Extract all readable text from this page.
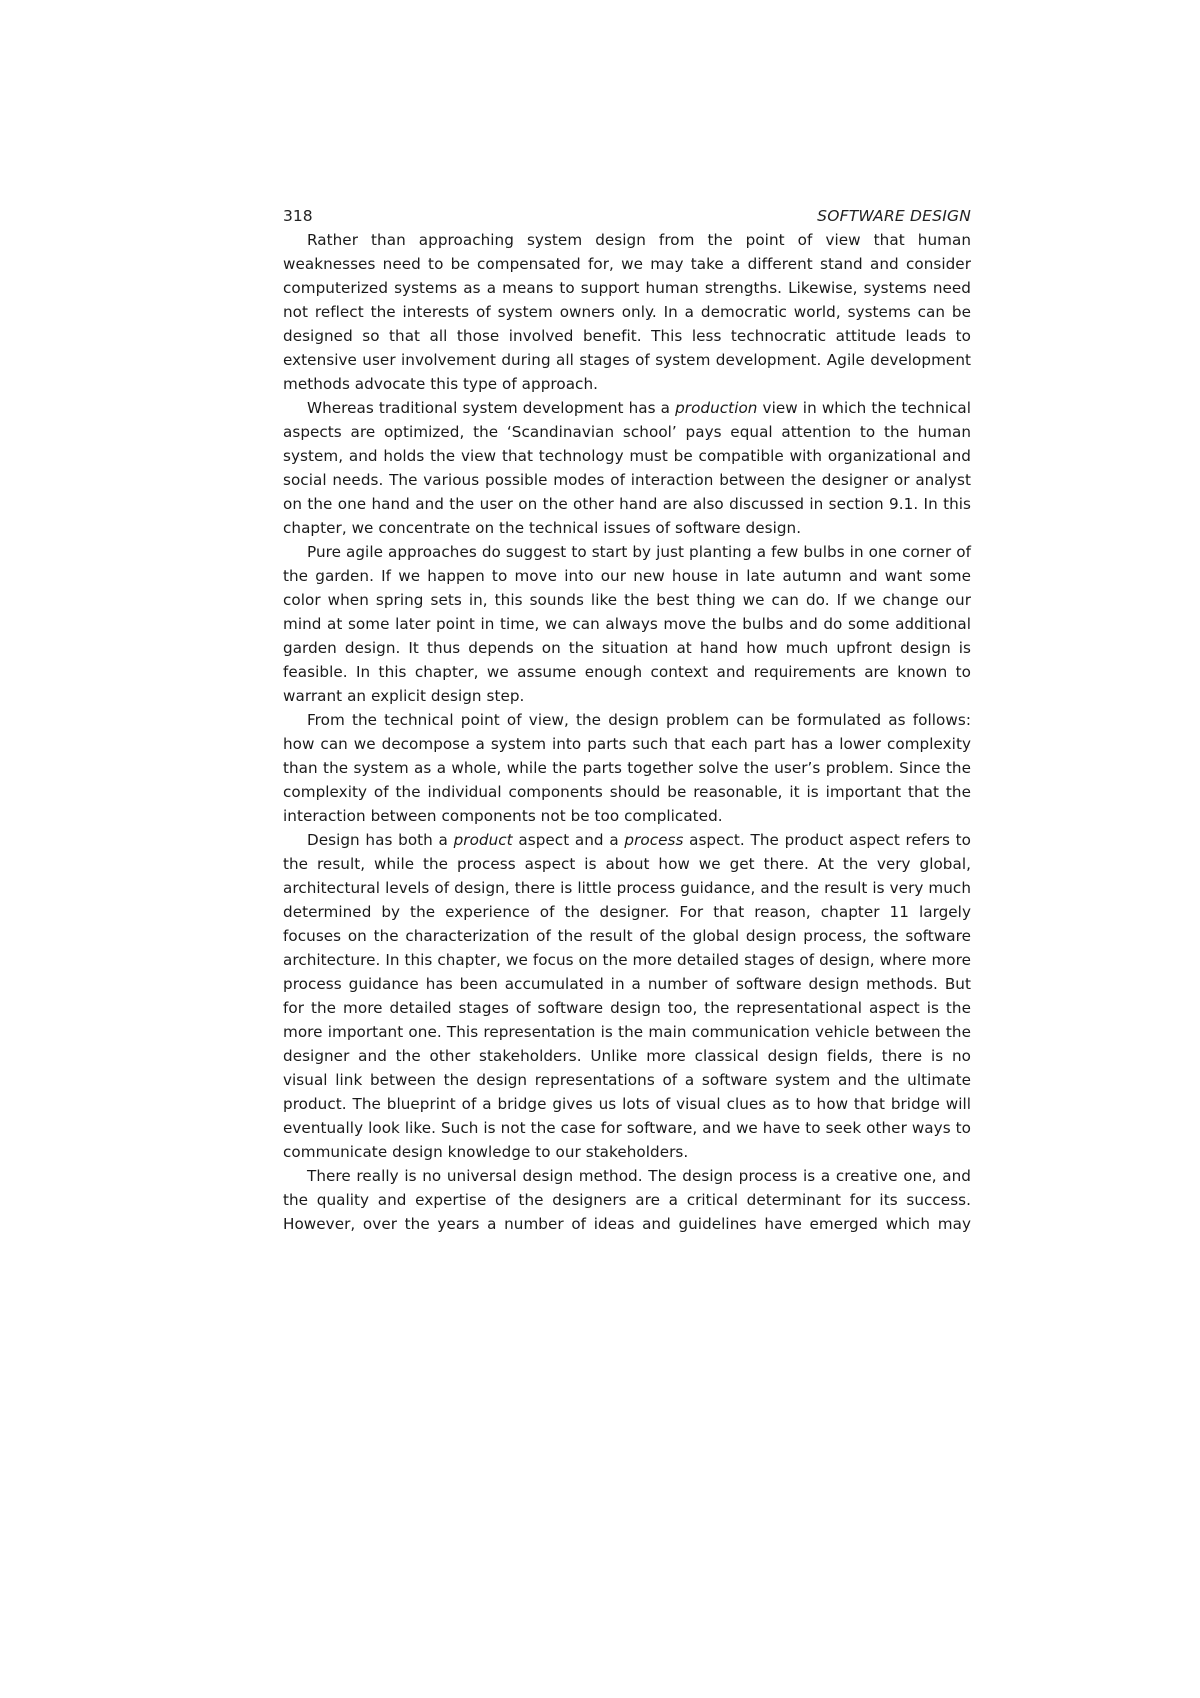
318	SOFTWARE DESIGN

Rather than approaching system design from the point of view that human weaknesses need to be compensated for, we may take a different stand and consider computerized systems as a means to support human strengths. Likewise, systems need not reflect the interests of system owners only. In a democratic world, systems can be designed so that all those involved benefit. This less technocratic attitude leads to extensive user involvement during all stages of system development. Agile development methods advocate this type of approach.

Whereas traditional system development has a production view in which the technical aspects are optimized, the ‘Scandinavian school’ pays equal attention to the human system, and holds the view that technology must be compatible with organizational and social needs. The various possible modes of interaction between the designer or analyst on the one hand and the user on the other hand are also discussed in section 9.1. In this chapter, we concentrate on the technical issues of software design.

Pure agile approaches do suggest to start by just planting a few bulbs in one corner of the garden. If we happen to move into our new house in late autumn and want some color when spring sets in, this sounds like the best thing we can do. If we change our mind at some later point in time, we can always move the bulbs and do some additional garden design. It thus depends on the situation at hand how much upfront design is feasible. In this chapter, we assume enough context and requirements are known to warrant an explicit design step.

From the technical point of view, the design problem can be formulated as follows: how can we decompose a system into parts such that each part has a lower complexity than the system as a whole, while the parts together solve the user’s problem. Since the complexity of the individual components should be reasonable, it is important that the interaction between components not be too complicated.

Design has both a product aspect and a process aspect. The product aspect refers to the result, while the process aspect is about how we get there. At the very global, architectural levels of design, there is little process guidance, and the result is very much determined by the experience of the designer. For that reason, chapter 11 largely focuses on the characterization of the result of the global design process, the software architecture. In this chapter, we focus on the more detailed stages of design, where more process guidance has been accumulated in a number of software design methods. But for the more detailed stages of software design too, the representational aspect is the more important one. This representation is the main communication vehicle between the designer and the other stakeholders. Unlike more classical design fields, there is no visual link between the design representations of a software system and the ultimate product. The blueprint of a bridge gives us lots of visual clues as to how that bridge will eventually look like. Such is not the case for software, and we have to seek other ways to communicate design knowledge to our stakeholders.

There really is no universal design method. The design process is a creative one, and the quality and expertise of the designers are a critical determinant for its success. However, over the years a number of ideas and guidelines have emerged which may
